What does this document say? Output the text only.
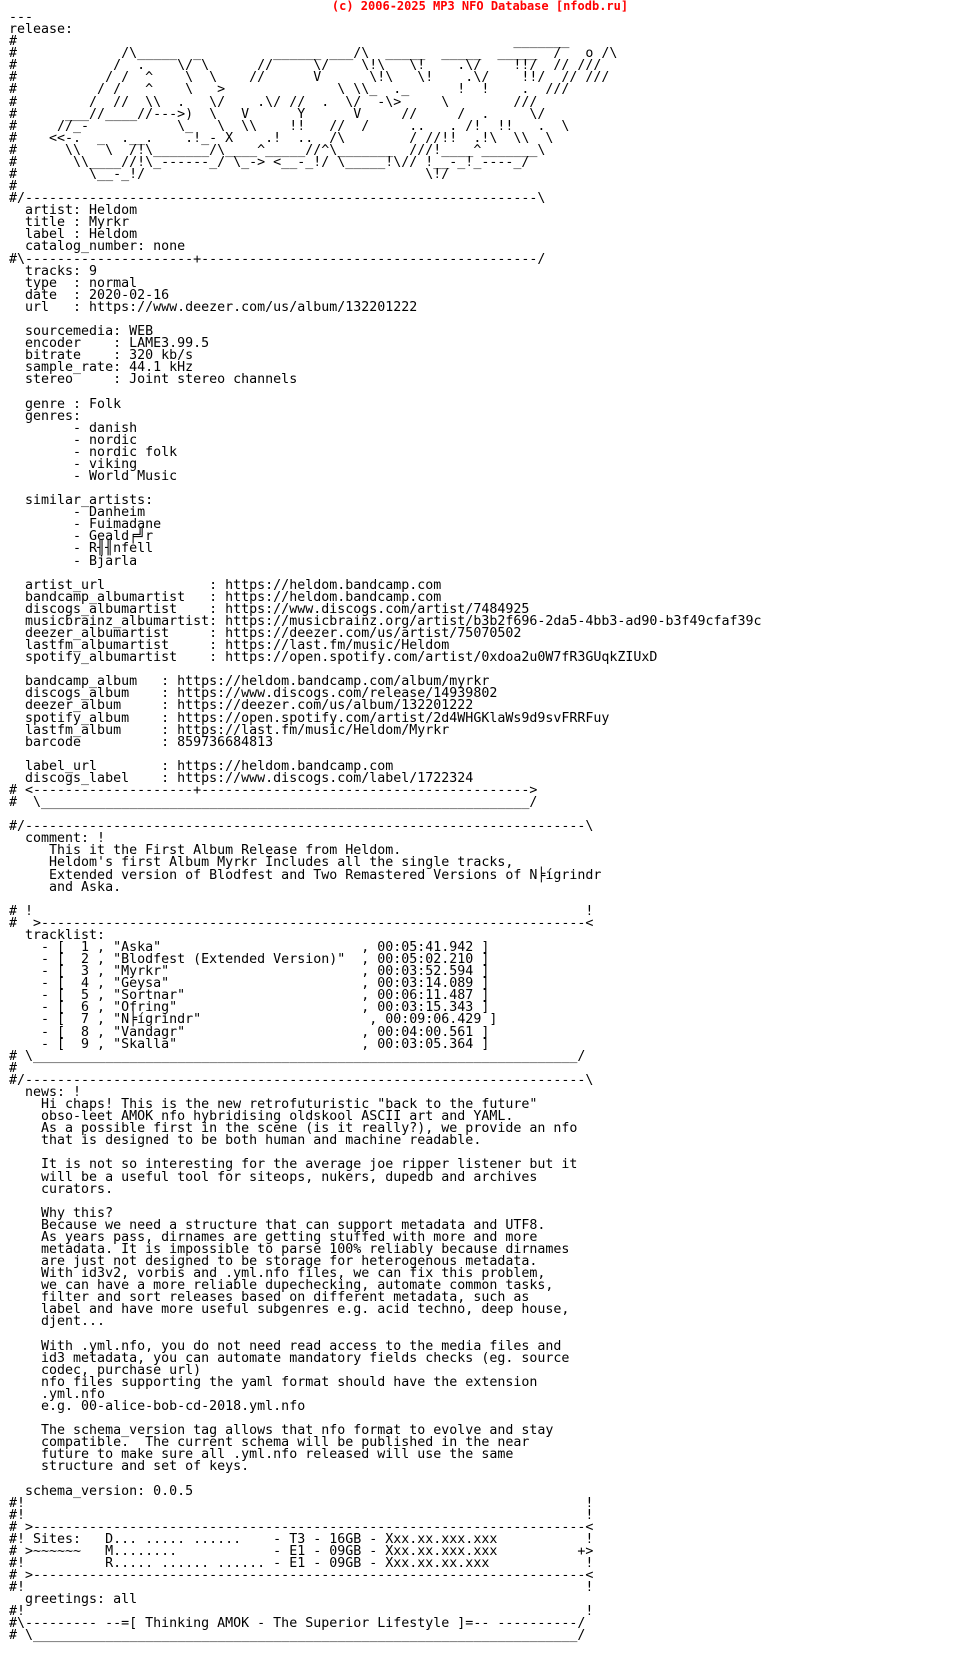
(c) 2006-2025 MP3 NFO Database [nfodb.ru]
---
release:
#                                                              _______
#             /\_____  _         ______ ___/\  _____  _____  _____  /   o /\
#            /  .    \/ \      //     \/    \!\   \!    .\/    !!/  // ///
#           / /  ^    \  \    //      V      \!\   \!    .\/    !!/  // ///
#          / /   ^    \   >              \ \\_  ._      !  !    .  ///
#         /  //  \\  .   \/    .\/ //  .  \/  -\>     \        ///
#      ___//____//--->)  \   V      Y      V     //     /  .     \/
#     //_-           \_   \  \\    !!   //  /     ..   . /!  !!   .  \
#    <<-.  _  .__.    .!_- X    .!  ..  /\        / //!!  .!\  \\  \
#      \\   \  /!\_______/\____^_____//^\_______  ///!____^_______\
#       \\____//!\_------_/ \_-> <__-_!/ \_____!\// !__-_!_----_/
#         \__-_!/                                   \!/
#
#/----------------------------------------------------------------\
artist: Heldom
title : Myrkr
label : Heldom
catalog_number: none
#\---------------------+------------------------------------------/
tracks: 9
type  : normal
date  : 2020-02-16
url   : https://www.deezer.com/us/album/132201222

sourcemedia: WEB
encoder    : LAME3.99.5
bitrate    : 320 kb/s
sample_rate: 44.1 kHz
stereo     : Joint stereo channels

genre : Folk
genres:
- danish
- nordic
- nordic folk
- viking
- World Music

similar_artists:
- Danheim
- Fuimadane
- Geald╒╝r
- R╢╢nfell
- Bjarla

artist_url             : https://heldom.bandcamp.com
bandcamp_albumartist   : https://heldom.bandcamp.com
discogs_albumartist    : https://www.discogs.com/artist/7484925
musicbrainz_albumartist: https://musicbrainz.org/artist/b3b2f696-2da5-4bb3-ad90-b3f49cfaf39c
deezer_albumartist     : https://deezer.com/us/artist/75070502
lastfm_albumartist     : https://last.fm/music/Heldom
spotify_albumartist    : https://open.spotify.com/artist/0xdoa2u0W7fR3GUqkZIUxD

bandcamp_album   : https://heldom.bandcamp.com/album/myrkr
discogs_album    : https://www.discogs.com/release/14939802
deezer_album     : https://deezer.com/us/album/132201222
spotify_album    : https://open.spotify.com/artist/2d4WHGKlaWs9d9svFRRFuy
lastfm_album     : https://last.fm/music/Heldom/Myrkr
barcode          : 859736684813

label_url        : https://heldom.bandcamp.com
discogs_label    : https://www.discogs.com/label/1722324
# <--------------------+----------------------------------------->
#  \_____________________________________________________________/

#/----------------------------------------------------------------------\
comment: !
This it the First Album Release from Heldom.
Heldom's first Album Myrkr Includes all the single tracks,
Extended version of Blodfest and Two Remastered Versions of N╞ígrindr
and Aska.

# !                                                                     !
#  >--------------------------------------------------------------------<
tracklist:
- [  1 , "Aska"                         , 00:05:41.942 ]
- [  2 , "Blodfest (Extended Version)"  , 00:05:02.210 ]
- [  3 , "Myrkr"                        , 00:03:52.594 ]
- [  4 , "Geysa"                        , 00:03:14.089 ]
- [  5 , "Sortnar"                      , 00:06:11.487 ]
- [  6 , "Ofring"                       , 00:03:15.343 ]
- [  7 , "N╞ígrindr"                     , 00:09:06.429 ]
- [  8 , "Vandagr"                      , 00:04:00.561 ]
- [  9 , "Skalla"                       , 00:03:05.364 ]
# \____________________________________________________________________/
#
#/----------------------------------------------------------------------\
news: !
Hi chaps! This is the new retrofuturistic "back to the future"
obso-leet AMOK nfo hybridising oldskool ASCII art and YAML.
As a possible first in the scene (is it really?), we provide an nfo
that is designed to be both human and machine readable.

It is not so interesting for the average joe ripper listener but it
will be a useful tool for siteops, nukers, dupedb and archives
curators.

Why this?
Because we need a structure that can support metadata and UTF8.
As years pass, dirnames are getting stuffed with more and more
metadata. It is impossible to parse 100% reliably because dirnames
are just not designed to be storage for heterogenous metadata.
With id3v2, vorbis and .yml.nfo files, we can fix this problem,
we can have a more reliable dupechecking, automate common tasks,
filter and sort releases based on different metadata, such as
label and have more useful subgenres e.g. acid techno, deep house,
djent...

With .yml.nfo, you do not need read access to the media files and
id3 metadata, you can automate mandatory fields checks (eg. source
codec, purchase url)
nfo files supporting the yaml format should have the extension
.yml.nfo
e.g. 00-alice-bob-cd-2018.yml.nfo

The schema_version tag allows that nfo format to evolve and stay
compatible.  The current schema will be published in the near
future to make sure all .yml.nfo released will use the same
structure and set of keys.

schema_version: 0.0.5
#!                                                                      !
#!                                                                      !
# >---------------------------------------------------------------------<
#! Sites:   D... ..... ......    - T3 - 16GB - Xxx.xx.xxx.xxx           !
# >~~~~~~   M........            - E1 - 09GB - Xxx.xx.xxx.xxx          +>
#!          R..... ...... ...... - E1 - 09GB - Xxx.xx.xx.xxx            !
# >---------------------------------------------------------------------<
#!                                                                      !
greetings: all
#!                                                                      !
#\--------- --=[ Thinking AMOK - The Superior Lifestyle ]=-- ----------/
# \____________________________________________________________________/
